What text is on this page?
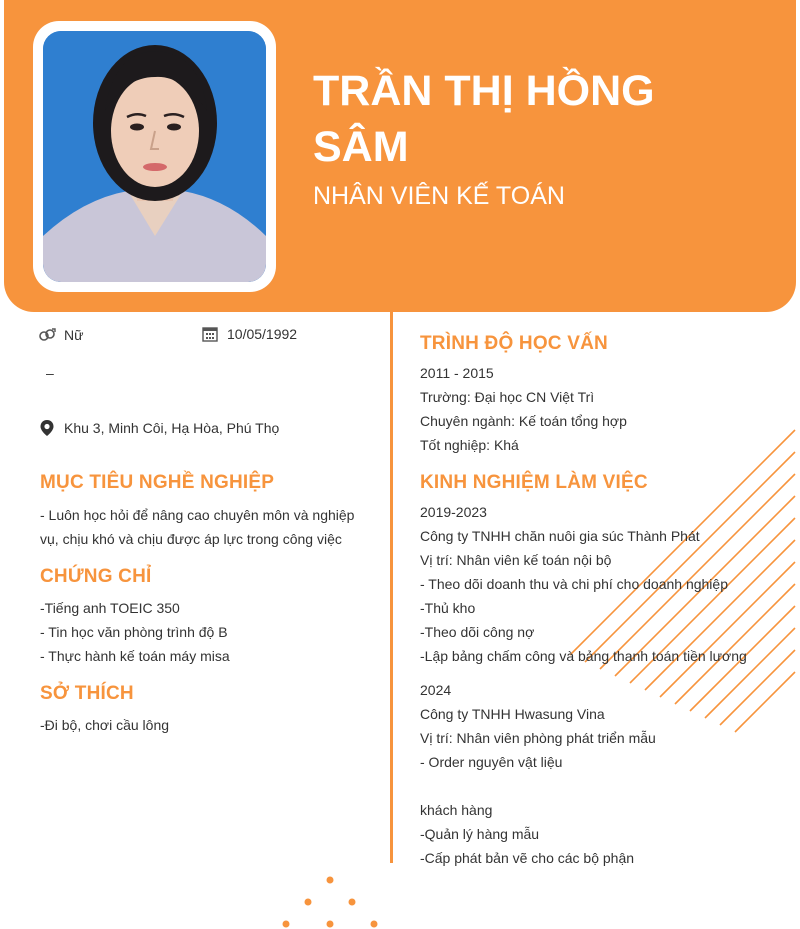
TRẦN THỊ HỒNG
SÂM
NHÂN VIÊN KẾ TOÁN
Nữ	10/05/1992
–
Khu 3, Minh Côi, Hạ Hòa, Phú Thọ
MỤC TIÊU NGHỀ NGHIỆP
- Luôn học hỏi để nâng cao chuyên môn và nghiệp
vụ, chịu khó và chịu được áp lực trong công việc
CHỨNG CHỈ
-Tiếng anh TOEIC 350
- Tin học văn phòng trình độ B
- Thực hành kế toán máy misa
SỞ THÍCH
-Đi bộ, chơi cầu lông
TRÌNH ĐỘ HỌC VẤN
2011 - 2015
Trường: Đại học CN Việt Trì
Chuyên ngành: Kế toán tổng hợp
Tốt nghiệp: Khá
KINH NGHIỆM LÀM VIỆC
2019-2023
Công ty TNHH chăn nuôi gia súc Thành Phát
Vị trí: Nhân viên kế toán nội bộ
- Theo dõi doanh thu và chi phí cho doanh nghiệp
-Thủ kho
-Theo dõi công nợ
-Lập bảng chấm công và bảng thanh toán tiền lương
2024
Công ty TNHH Hwasung Vina
Vị trí: Nhân viên phòng phát triển mẫu
- Order nguyên vật liệu
khách hàng
-Quản lý hàng mẫu
-Cấp phát bản vẽ cho các bộ phận
